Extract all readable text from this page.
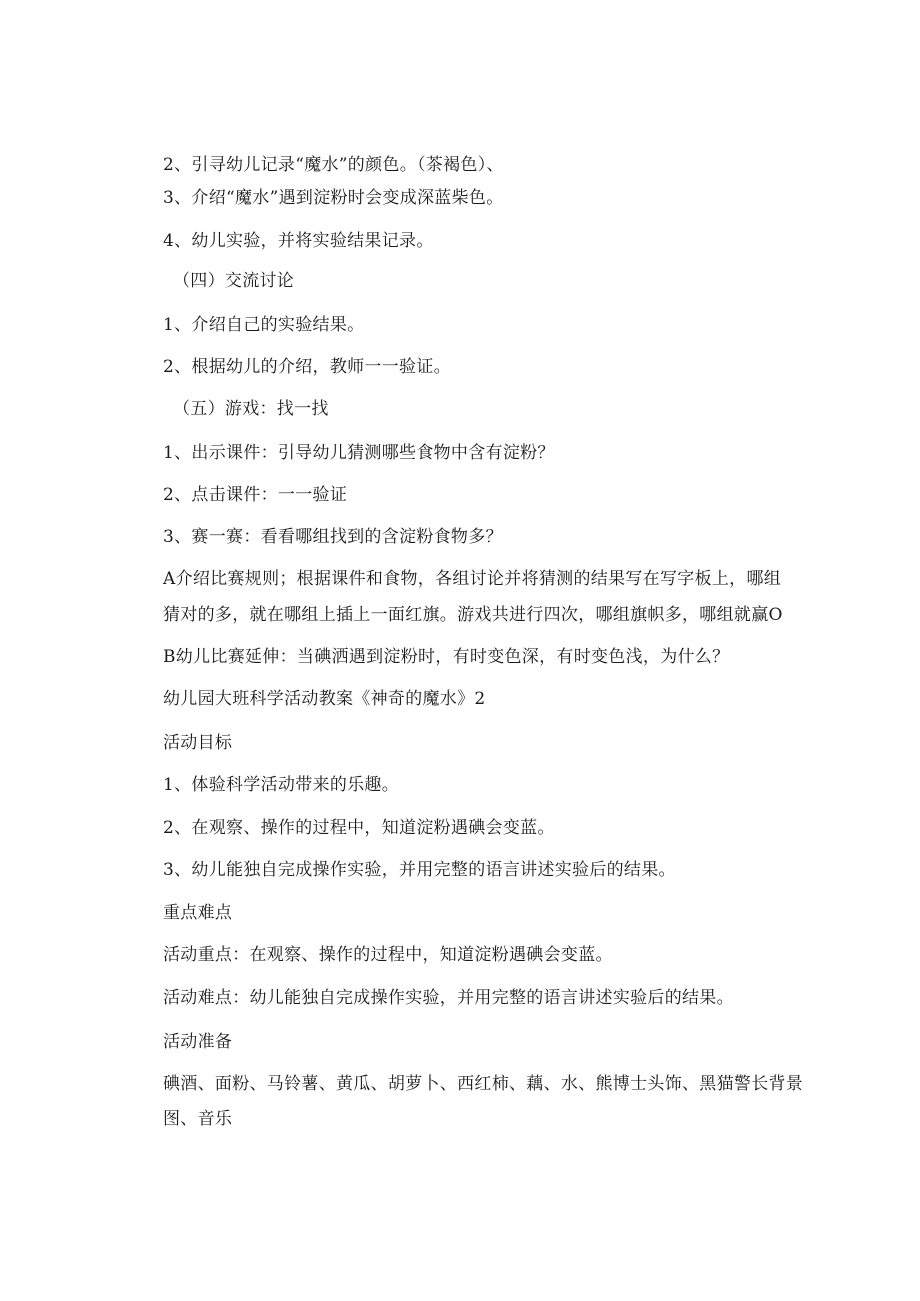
2、引寻幼儿记录“魔水”的颜色。（茶褐色）、
3、介绍“魔水”遇到淀粉时会变成深蓝柴色。
4、幼儿实验，并将实验结果记录。
（四）交流讨论
1、介绍自己的实验结果。
2、根据幼儿的介绍，教师一一验证。
（五）游戏：找一找
1、出示课件：引导幼儿猜测哪些食物中含有淀粉？
2、点击课件：一一验证
3、赛一赛：看看哪组找到的含淀粉食物多？
A介绍比赛规则；根据课件和食物，各组讨论并将猜测的结果写在写字板上，哪组
猜对的多，就在哪组上插上一面红旗。游戏共进行四次，哪组旗帜多，哪组就赢O
B幼儿比赛延伸：当碘洒遇到淀粉时，有时变色深，有时变色浅，为什么？
幼儿园大班科学活动教案《神奇的魔水》2
活动目标
1、体验科学活动带来的乐趣。
2、在观察、操作的过程中，知道淀粉遇碘会变蓝。
3、幼儿能独自完成操作实验，并用完整的语言讲述实验后的结果。
重点难点
活动重点：在观察、操作的过程中，知道淀粉遇碘会变蓝。
活动难点：幼儿能独自完成操作实验，并用完整的语言讲述实验后的结果。
活动准备
碘酒、面粉、马铃薯、黄瓜、胡萝卜、西红柿、藕、水、熊博士头饰、黑猫警长背景
图、音乐
